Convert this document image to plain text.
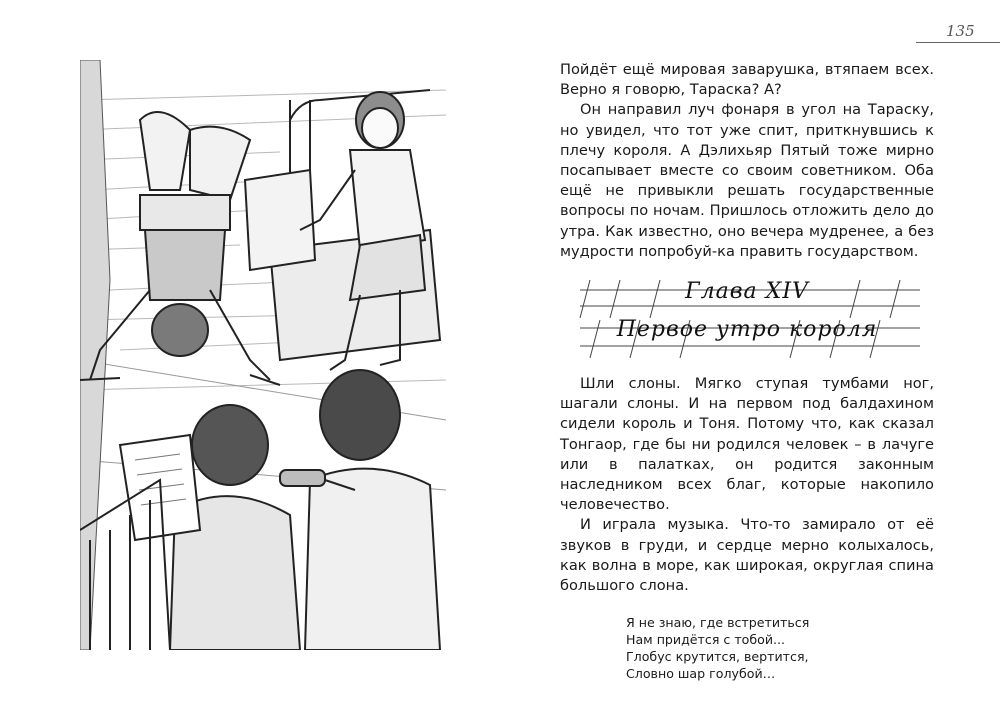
135

Пойдёт ещё мировая заварушка, втяпаем всех. Верно я говорю, Тараска? А?

Он направил луч фонаря в угол на Тараску, но увидел, что тот уже спит, приткнувшись к плечу короля. А Дэлихьяр Пятый тоже мирно посапывает вместе со своим советником. Оба ещё не привыкли решать государственные вопросы по ночам. Пришлось отложить дело до утра. Как известно, оно вечера мудренее, а без мудрости попробуй-ка править государством.

Глава XIV
Первое утро короля

Шли слоны. Мягко ступая тумбами ног, шагали слоны. И на первом под балдахином сидели король и Тоня. Потому что, как сказал Тонгаор, где бы ни родился человек – в лачуге или в палатках, он родится законным наследником всех благ, которые накопило человечество.

И играла музыка. Что-то замирало от её звуков в груди, и сердце мерно колыхалось, как волна в море, как широкая, округлая спина большого слона.

Я не знаю, где встретиться
Нам придётся с тобой...
Глобус крутится, вертится,
Словно шар голубой…
